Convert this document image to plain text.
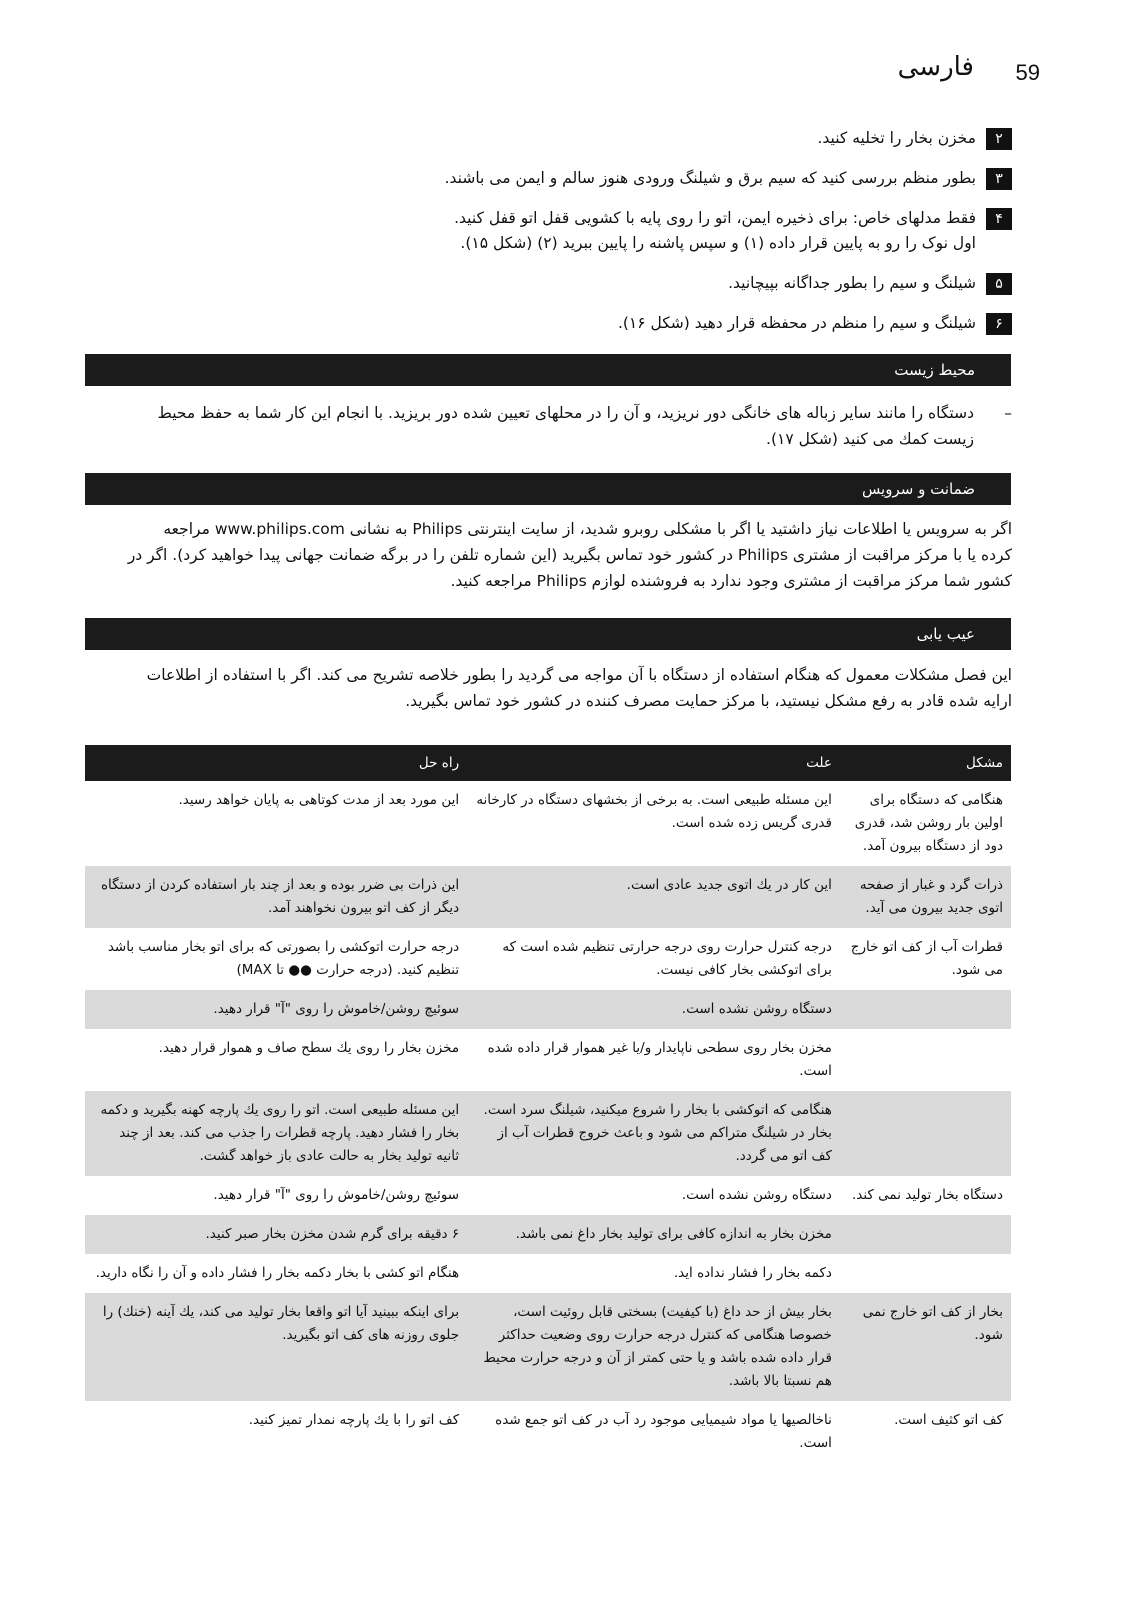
فارسی 59
۲

مخزن بخار را تخلیه کنید.

۳

بطور منظم بررسی کنید که سیم برق و شیلنگ ورودی هنوز سالم و ایمن می باشند.

۴

فقط مدلهای خاص: برای ذخیره ایمن، اتو را روی پایه با کشویی قفل اتو قفل کنید.

اول نوک را رو به پایین قرار داده (۱) و سپس پاشنه را پایین ببرید (۲) (شکل ۱۵).

۵

شیلنگ و سیم را بطور جداگانه بپیچانید.

۶

شیلنگ و سیم را منظم در محفظه قرار دهید (شکل ۱۶).

محیط زیست
–
دستگاه را مانند سایر زباله های خانگی دور نریزید، و آن را در محلهای تعیین شده دور بریزید. با انجام این کار شما به حفظ محیط
زیست کمك می کنید (شکل ۱۷).
ضمانت و سرویس

اگر به سرویس یا اطلاعات نیاز داشتید یا اگر با مشکلی روبرو شدید، از سایت اینترنتی Philips به نشانی www.philips.com مراجعه

کرده یا با مرکز مراقبت از مشتری Philips در کشور خود تماس بگیرید (این شماره تلفن را در برگه ضمانت جهانی پیدا خواهید کرد). اگر در

کشور شما مرکز مراقبت از مشتری وجود ندارد به فروشنده لوازم Philips مراجعه کنید.

عیب یابی

این فصل مشکلات معمول که هنگام استفاده از دستگاه با آن مواجه می گردید را بطور خلاصه تشریح می کند. اگر با استفاده از اطلاعات

ارایه شده قادر به رفع مشکل نیستید، با مرکز حمایت مصرف کننده در کشور خود تماس بگیرید.

مشکل	علت	راه حل
هنگامی که دستگاه برای اولین بار روشن شد، قدری دود از دستگاه بیرون آمد.	این مسئله طبیعی است. به برخی از بخشهای دستگاه در کارخانه قدری گریس زده شده است.	این مورد بعد از مدت کوتاهی به پایان خواهد رسید.
ذرات گرد و غبار از صفحه اتوی جدید بیرون می آید.	این کار در یك اتوی جدید عادی است.	این ذرات بی ضرر بوده و بعد از چند بار استفاده کردن از دستگاه دیگر از کف اتو بیرون نخواهند آمد.
قطرات آب از کف اتو خارج می شود.	درجه کنترل حرارت روی درجه حرارتی تنظیم شده است که برای اتوکشی بخار کافی نیست.	درجه حرارت اتوکشی را بصورتی که برای اتو بخار مناسب باشد تنظیم کنید. (درجه حرارت ●● تا MAX)
	دستگاه روشن نشده است.	سوئیچ روشن/خاموش را روی "آ" قرار دهید.
	مخزن بخار روی سطحی ناپایدار و/یا غیر هموار قرار داده شده است.	مخزن بخار را روی یك سطح صاف و هموار قرار دهید.
	هنگامی که اتوکشی با بخار را شروع میکنید، شیلنگ سرد است. بخار در شیلنگ متراکم می شود و باعث خروج قطرات آب از کف اتو می گردد.	این مسئله طبیعی است. اتو را روی یك پارچه کهنه بگیرید و دکمه بخار را فشار دهید. پارچه قطرات را جذب می کند. بعد از چند ثانیه تولید بخار به حالت عادی باز خواهد گشت.
دستگاه بخار تولید نمی کند.	دستگاه روشن نشده است.	سوئیچ روشن/خاموش را روی "آ" قرار دهید.
	مخزن بخار به اندازه کافی برای تولید بخار داغ نمی باشد.	۶ دقیقه برای گرم شدن مخزن بخار صبر کنید.
	دکمه بخار را فشار نداده اید.	هنگام اتو کشی با بخار دکمه بخار را فشار داده و آن را نگاه دارید.
بخار از کف اتو خارج نمی شود.	بخار بیش از حد داغ (با کیفیت) بسختی قابل روئیت است، خصوصا هنگامی که کنترل درجه حرارت روی وضعیت حداکثر قرار داده شده باشد و یا حتی کمتر از آن و درجه حرارت محیط هم نسبتا بالا باشد.	برای اینکه ببینید آیا اتو واقعا بخار تولید می کند، یك آینه (خنك) را جلوی روزنه های کف اتو بگیرید.
کف اتو کثیف است.	ناخالصیها یا مواد شیمیایی موجود رد آب در کف اتو جمع شده است.	کف اتو را با یك پارچه نمدار تمیز کنید.
